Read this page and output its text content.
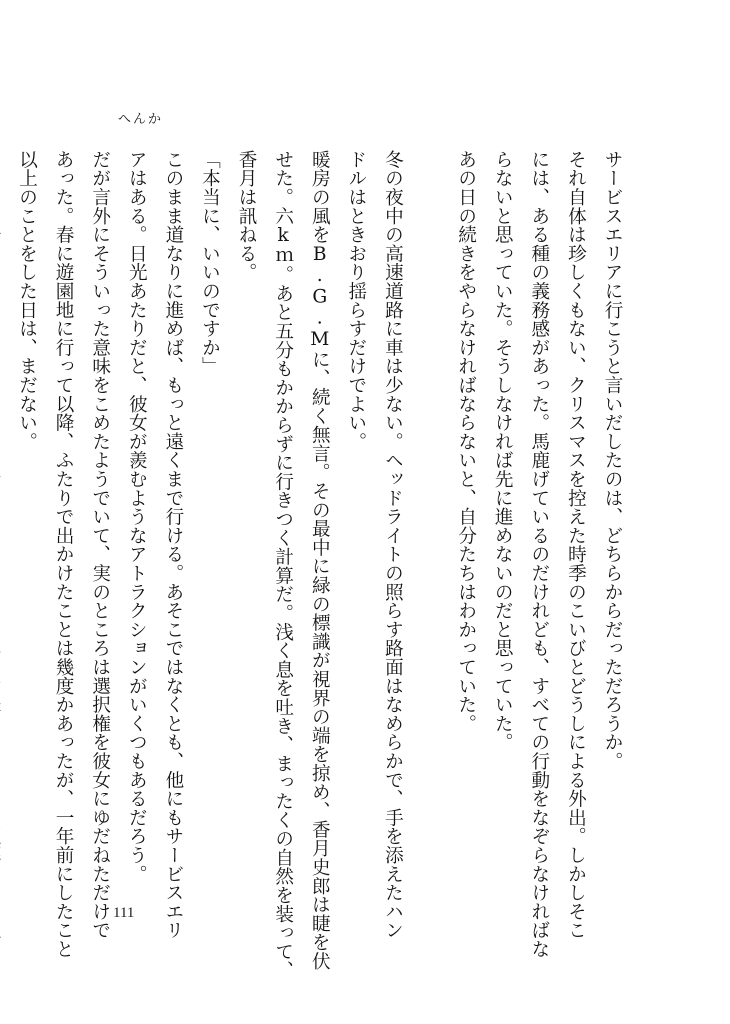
へんか

サービスエリアに行こうと言いだしたのは、どちらからだっただろうか。

それ自体は珍しくもない、クリスマスを控えた時季のこいびとどうしによる外出。しかしそこ

には、ある種の義務感があった。馬鹿げているのだけれども、すべての行動をなぞらなければな

らないと思っていた。そうしなければ先に進めないのだと思っていた。

あの日の続きをやらなければならないと、自分たちはわかっていた。

冬の夜中の高速道路に車は少ない。ヘッドライトの照らす路面はなめらかで、手を添えたハン

ドルはときおり揺らすだけでよい。

暖房の風をB.G.Mに、続く無言。その最中に緑の標識が視界の端を掠め、香月史郎は睫を伏

せた。六kｍ。あと五分もかからずに行きつく計算だ。浅く息を吐き、まったくの自然を装って、

香月は訊ねる。

「本当に、いいのですか」

このまま道なりに進めば、もっと遠くまで行ける。あそこではなくとも、他にもサービスエリ

アはある。日光あたりだと、彼女が羨むようなアトラクションがいくつもあるだろう。

だが言外にそういった意味をこめたようでいて、実のところは選択権を彼女にゆだねただけで

あった。春に遊園地に行って以降、ふたりで出かけたことは幾度かあったが、一年前にしたこと

以上のことをした日は、まだない。

111
